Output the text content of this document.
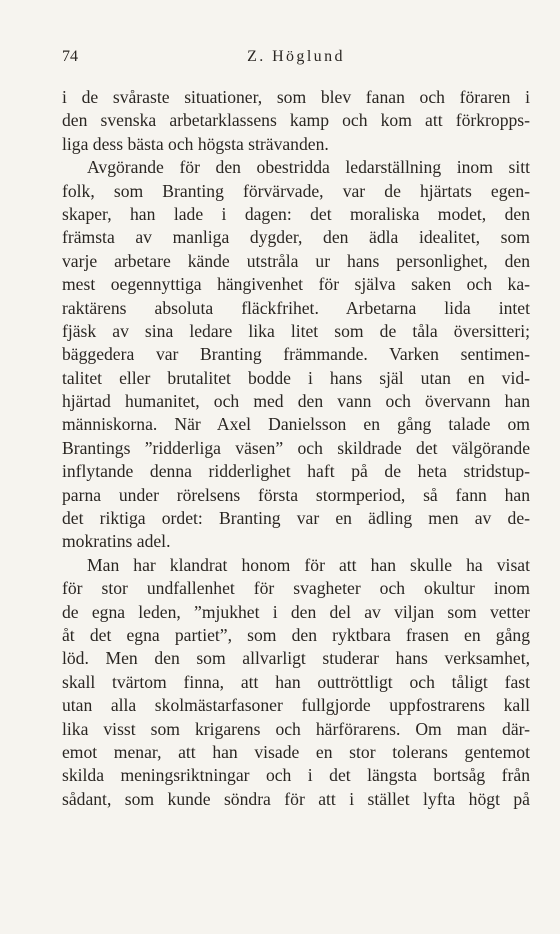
74	Z. Höglund
i de svåraste situationer, som blev fanan och föraren i
den svenska arbetarklassens kamp och kom att förkropps-
liga dess bästa och högsta strävanden.
Avgörande för den obestridda ledarställning inom sitt
folk, som Branting förvärvade, var de hjärtats egen-
skaper, han lade i dagen: det moraliska modet, den
främsta av manliga dygder, den ädla idealitet, som
varje arbetare kände utstråla ur hans personlighet, den
mest oegennyttiga hängivenhet för själva saken och ka-
raktärens absoluta fläckfrihet. Arbetarna lida intet
fjäsk av sina ledare lika litet som de tåla översitteri;
bäggedera var Branting främmande. Varken sentimen-
talitet eller brutalitet bodde i hans själ utan en vid-
hjärtad humanitet, och med den vann och övervann han
människorna. När Axel Danielsson en gång talade om
Brantings ”ridderliga väsen” och skildrade det välgörande
inflytande denna ridderlighet haft på de heta stridstup-
parna under rörelsens första stormperiod, så fann han
det riktiga ordet: Branting var en ädling men av de-
mokratins adel.
Man har klandrat honom för att han skulle ha visat
för stor undfallenhet för svagheter och okultur inom
de egna leden, ”mjukhet i den del av viljan som vetter
åt det egna partiet”, som den ryktbara frasen en gång
löd. Men den som allvarligt studerar hans verksamhet,
skall tvärtom finna, att han outtröttligt och tåligt fast
utan alla skolmästarfasoner fullgjorde uppfostrarens kall
lika visst som krigarens och härförarens. Om man där-
emot menar, att han visade en stor tolerans gentemot
skilda meningsriktningar och i det längsta bortsåg från
sådant, som kunde söndra för att i stället lyfta högt på
